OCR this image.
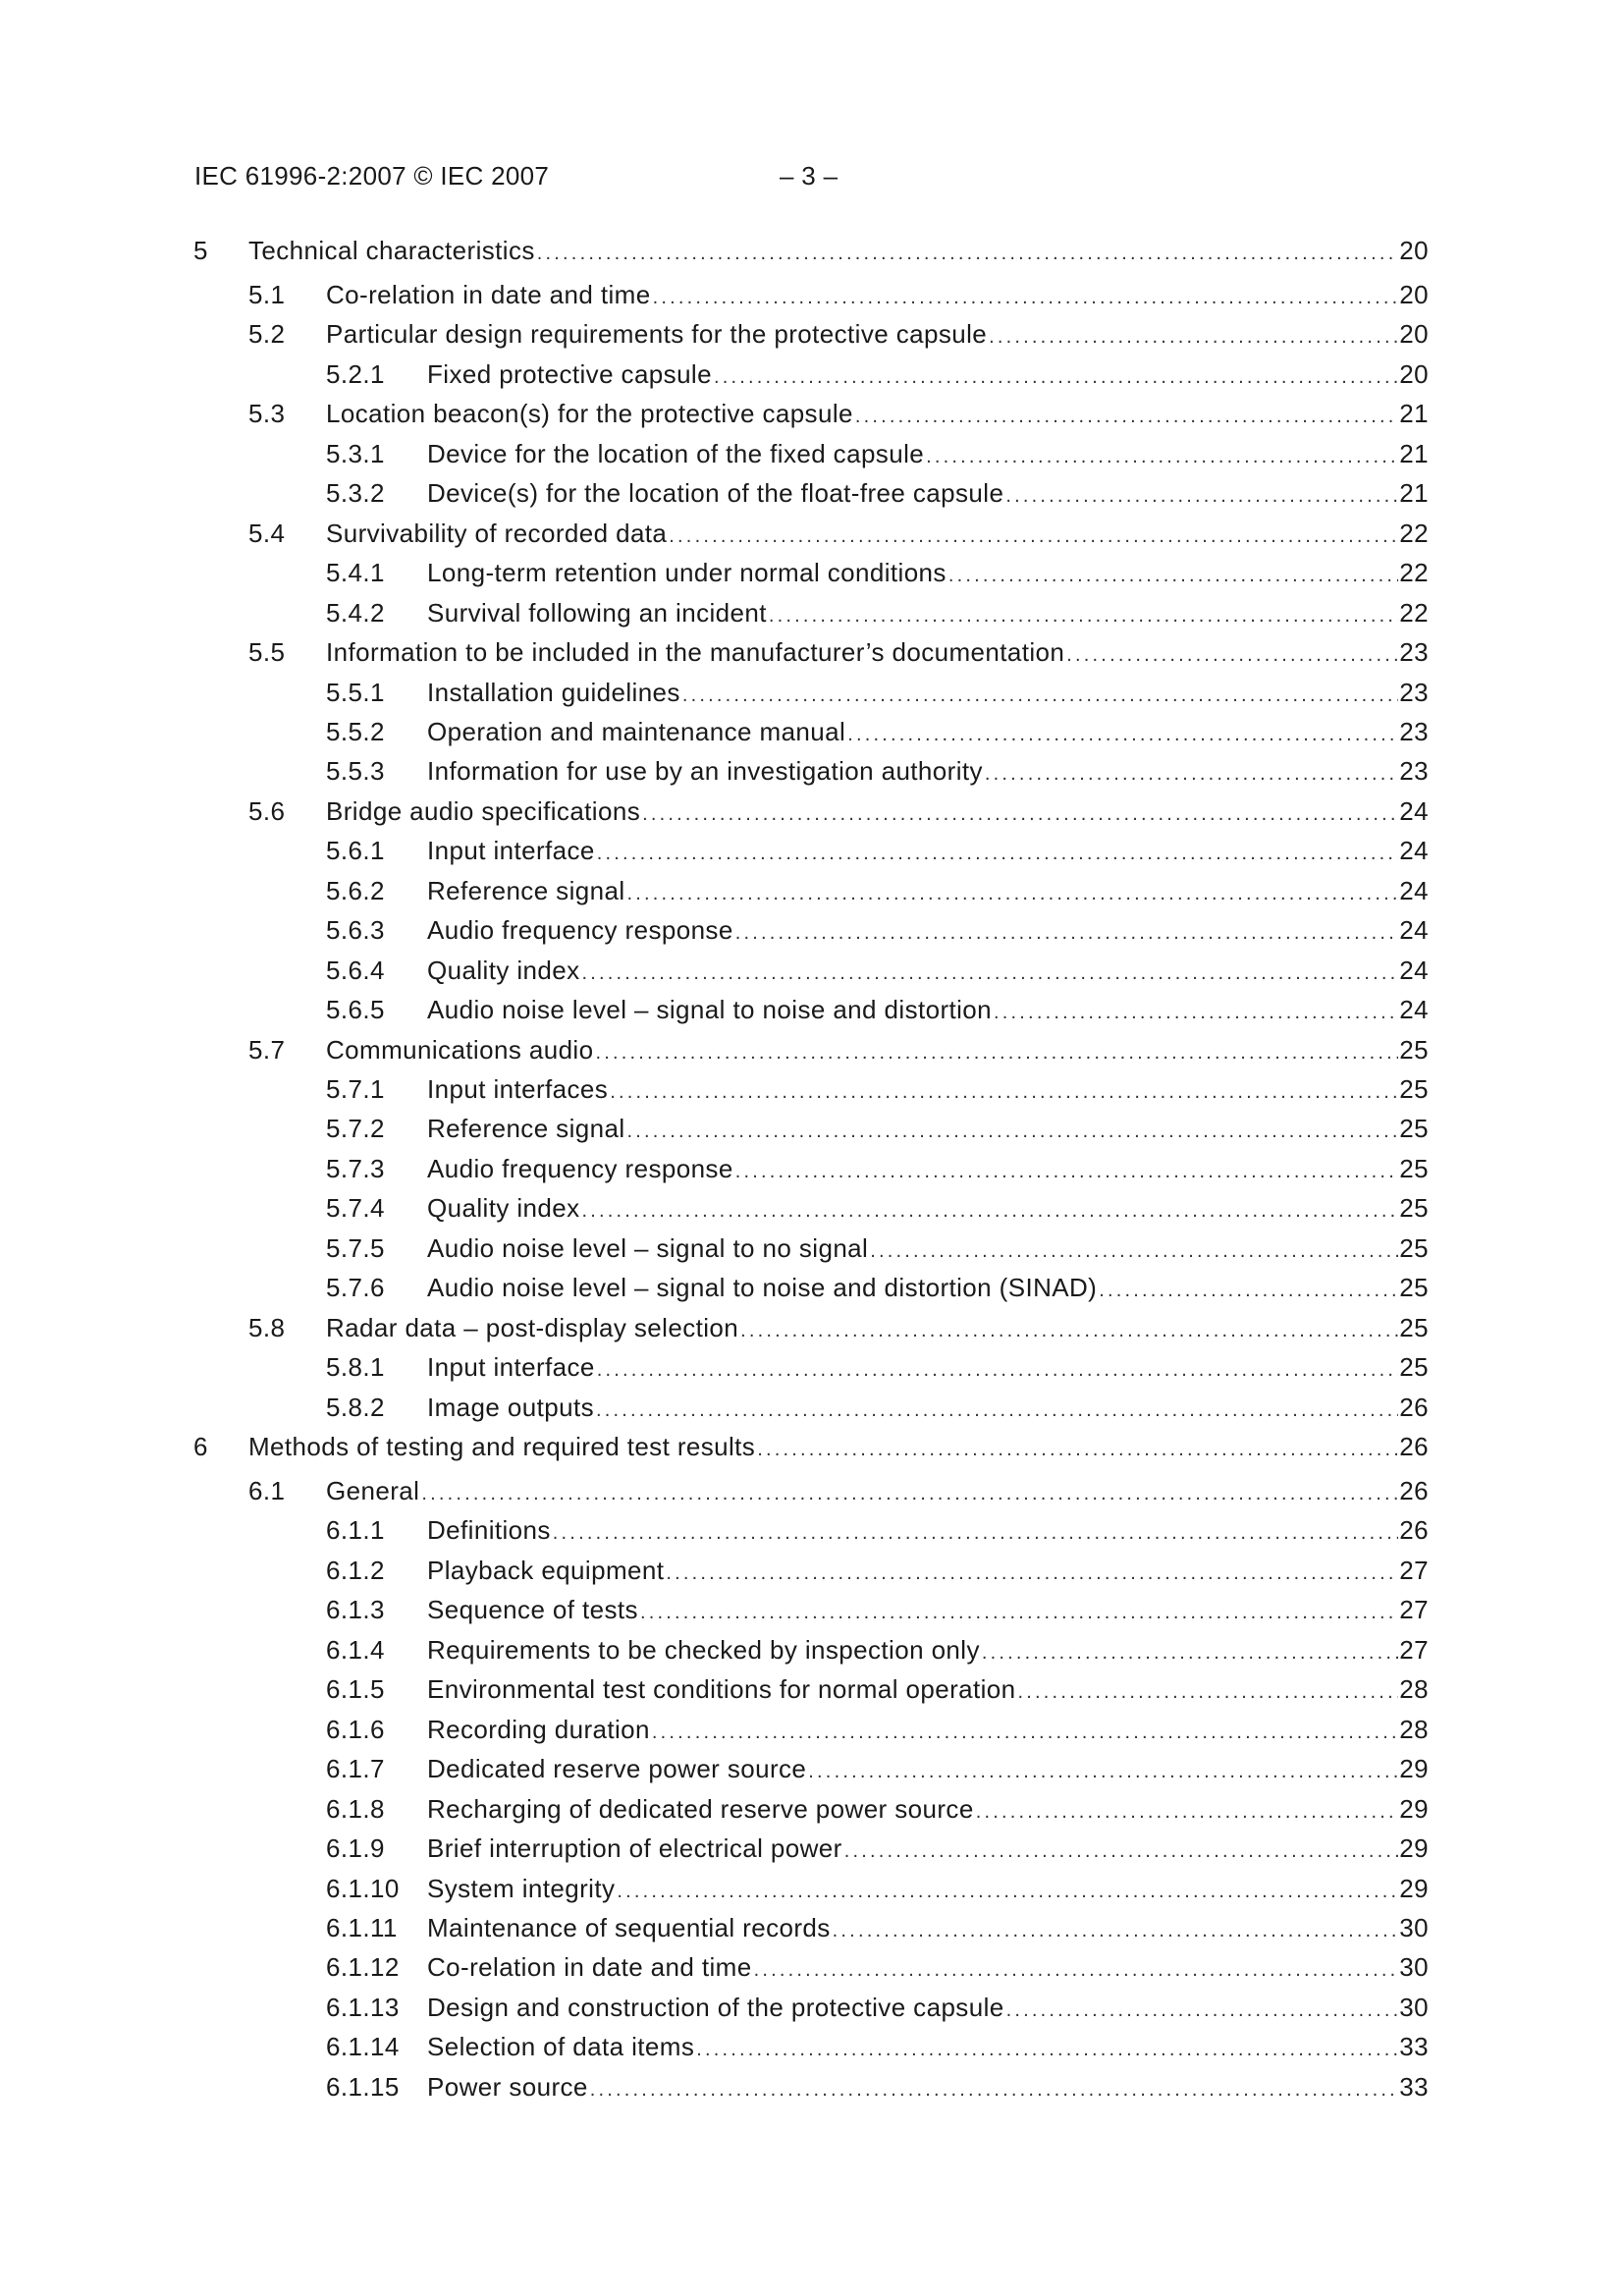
IEC 61996-2:2007 © IEC 2007	– 3 –
5 Technical characteristics .....	20
5.1 Co-relation in date and time .....	20
5.2 Particular design requirements for the protective capsule .....	20
5.2.1 Fixed protective capsule .....	20
5.3 Location beacon(s) for the protective capsule .....	21
5.3.1 Device for the location of the fixed capsule .....	21
5.3.2 Device(s) for the location of the float-free capsule .....	21
5.4 Survivability of recorded data .....	22
5.4.1 Long-term retention under normal conditions .....	22
5.4.2 Survival following an incident .....	22
5.5 Information to be included in the manufacturer’s documentation .....	23
5.5.1 Installation guidelines .....	23
5.5.2 Operation and maintenance manual .....	23
5.5.3 Information for use by an investigation authority .....	23
5.6 Bridge audio specifications .....	24
5.6.1 Input interface .....	24
5.6.2 Reference signal .....	24
5.6.3 Audio frequency response .....	24
5.6.4 Quality index .....	24
5.6.5 Audio noise level – signal to noise and distortion .....	24
5.7 Communications audio .....	25
5.7.1 Input interfaces .....	25
5.7.2 Reference signal .....	25
5.7.3 Audio frequency response .....	25
5.7.4 Quality index .....	25
5.7.5 Audio noise level – signal to no signal .....	25
5.7.6 Audio noise level – signal to noise and distortion (SINAD) .....	25
5.8 Radar data – post-display selection .....	25
5.8.1 Input interface .....	25
5.8.2 Image outputs .....	26
6 Methods of testing and required test results .....	26
6.1 General .....	26
6.1.1 Definitions .....	26
6.1.2 Playback equipment .....	27
6.1.3 Sequence of tests .....	27
6.1.4 Requirements to be checked by inspection only .....	27
6.1.5 Environmental test conditions for normal operation .....	28
6.1.6 Recording duration .....	28
6.1.7 Dedicated reserve power source .....	29
6.1.8 Recharging of dedicated reserve power source .....	29
6.1.9 Brief interruption of electrical power .....	29
6.1.10 System integrity .....	29
6.1.11 Maintenance of sequential records .....	30
6.1.12 Co-relation in date and time .....	30
6.1.13 Design and construction of the protective capsule .....	30
6.1.14 Selection of data items .....	33
6.1.15 Power source .....	33
